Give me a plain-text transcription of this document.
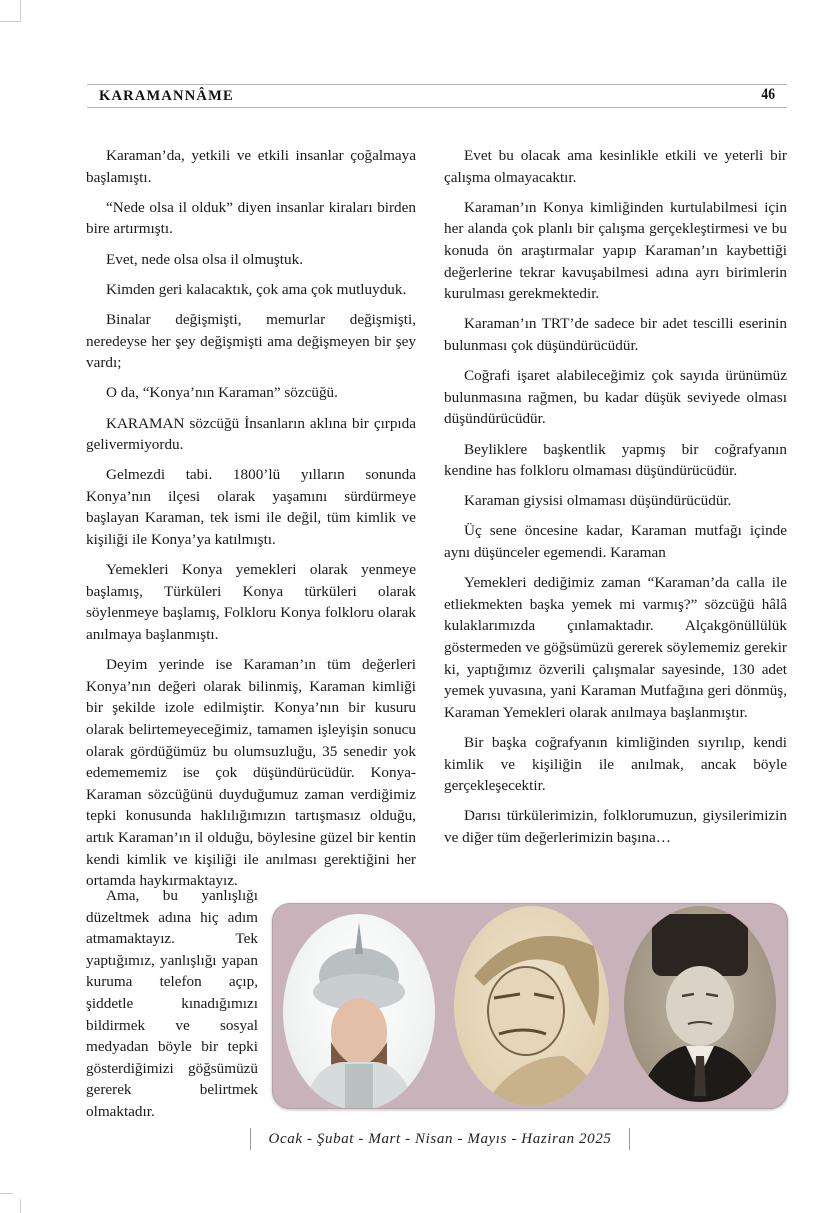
KARAMANNÂME	46

Karaman’da, yetkili ve etkili insanlar çoğalmaya başlamıştı.

“Nede olsa il olduk” diyen insanlar kiraları birden bire artırmıştı.

Evet, nede olsa olsa il olmuştuk.

Kimden geri kalacaktık, çok ama çok mutluyduk.

Binalar değişmişti, memurlar değişmişti, neredeyse her şey değişmişti ama değişmeyen bir şey vardı;

O da, “Konya’nın Karaman” sözcüğü.

KARAMAN sözcüğü İnsanların aklına bir çırpıda gelivermiyordu.

Gelmezdi tabi. 1800’lü yılların sonunda Konya’nın ilçesi olarak yaşamını sürdürmeye başlayan Karaman, tek ismi ile değil, tüm kimlik ve kişiliği ile Konya’ya katılmıştı.

Yemekleri Konya yemekleri olarak yenmeye başlamış, Türküleri Konya türküleri olarak söylenmeye başlamış, Folkloru Konya folkloru olarak anılmaya başlanmıştı.

Deyim yerinde ise Karaman’ın tüm değerleri Konya’nın değeri olarak bilinmiş, Karaman kimliği bir şekilde izole edilmiştir. Konya’nın bir kusuru olarak belirtemeyeceğimiz, tamamen işleyişin sonucu olarak gördüğümüz bu olumsuzluğu, 35 senedir yok edemememiz ise çok düşündürücüdür. Konya-Karaman sözcüğünü duyduğumuz zaman verdiğimiz tepki konusunda haklılığımızın tartışmasız olduğu, artık Karaman’ın il olduğu, böylesine güzel bir kentin kendi kimlik ve kişiliği ile anılması gerektiğini her ortamda haykırmaktayız.

Ama, bu yanlışlığı düzeltmek adına hiç adım atmamaktayız. Tek yaptığımız, yanlışlığı yapan kuruma telefon açıp, şiddetle kınadığımızı bildirmek ve sosyal medyadan böyle bir tepki gösterdiğimizi göğsümüzü gererek belirtmek olmaktadır.

Evet bu olacak ama kesinlikle etkili ve yeterli bir çalışma olmayacaktır.

Karaman’ın Konya kimliğinden kurtulabilmesi için her alanda çok planlı bir çalışma gerçekleştirmesi ve bu konuda ön araştırmalar yapıp Karaman’ın kaybettiği değerlerine tekrar kavuşabilmesi adına ayrı birimlerin kurulması gerekmektedir.

Karaman’ın TRT’de sadece bir adet tescilli eserinin bulunması çok düşündürücüdür.

Coğrafi işaret alabileceğimiz çok sayıda ürünümüz bulunmasına rağmen, bu kadar düşük seviyede olması düşündürücüdür.

Beyliklere başkentlik yapmış bir coğrafyanın kendine has folkloru olmaması düşündürücüdür.

Karaman giysisi olmaması düşündürücüdür.

Üç sene öncesine kadar, Karaman mutfağı içinde aynı düşünceler egemendi. Karaman

Yemekleri dediğimiz zaman “Karaman’da calla ile etliekmekten başka yemek mi varmış?” sözcüğü hâlâ kulaklarımızda çınlamaktadır. Alçakgönüllülük göstermeden ve göğsümüzü gererek söylememiz gerekir ki, yaptığımız özverili çalışmalar sayesinde, 130 adet yemek yuvasına, yani Karaman Mutfağına geri dönmüş, Karaman Yemekleri olarak anılmaya başlanmıştır.

Bir başka coğrafyanın kimliğinden sıyrılıp, kendi kimlik ve kişiliğin ile anılmak, ancak böyle gerçekleşecektir.

Darısı türkülerimizin, folklorumuzun, giysilerimizin ve diğer tüm değerlerimizin başına…

Ocak - Şubat - Mart - Nisan - Mayıs - Haziran 2025
